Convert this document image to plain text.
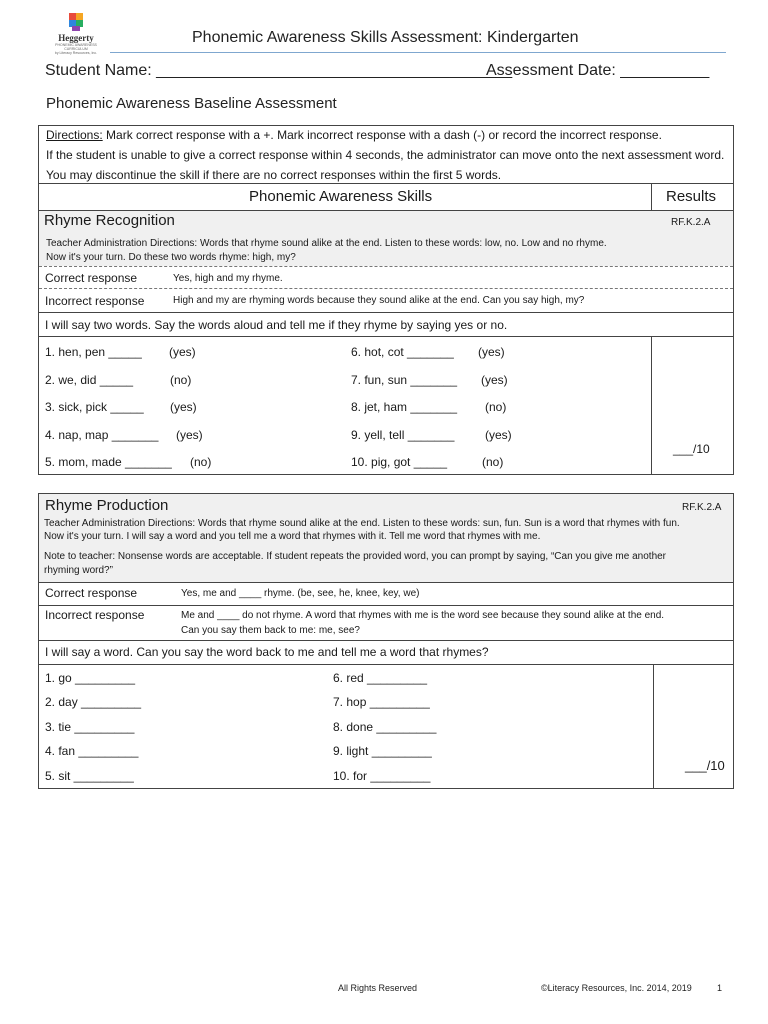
Heggerty
PHONEMIC AWARENESS CURRICULUM
by Literacy Resources, Inc.
Phonemic Awareness Skills Assessment: Kindergarten
Student Name: ________________________________________
Assessment Date: __________
Phonemic Awareness Baseline Assessment
Directions: Mark correct response with a +. Mark incorrect response with a dash (-) or record the incorrect response.
If the student is unable to give a correct response within 4 seconds, the administrator can move onto the next assessment word.
You may discontinue the skill if there are no correct responses within the first 5 words.
Phonemic Awareness Skills	Results
Rhyme Recognition	RF.K.2.A
Teacher Administration Directions: Words that rhyme sound alike at the end. Listen to these words: low, no. Low and no rhyme.
Now it's your turn. Do these two words rhyme: high, my?
Correct response	Yes, high and my rhyme.
Incorrect response	High and my are rhyming words because they sound alike at the end. Can you say high, my?
I will say two words. Say the words aloud and tell me if they rhyme by saying yes or no.
1. hen, pen _____ (yes)
2. we, did _____	(no)
3. sick, pick _____ (yes)
4. nap, map _______ (yes)
5. mom, made _______ (no)
6. hot, cot _______ (yes)
7. fun, sun _______ (yes)
8. jet, ham _______ (no)
9. yell, tell _______	(yes)
10. pig, got _____	(no)
___/10
Rhyme Production	RF.K.2.A
Teacher Administration Directions: Words that rhyme sound alike at the end. Listen to these words: sun, fun. Sun is a word that rhymes with fun.
Now it's your turn. I will say a word and you tell me a word that rhymes with it. Tell me word that rhymes with me.
Note to teacher: Nonsense words are acceptable. If student repeats the provided word, you can prompt by saying, “Can you give me another
rhyming word?”
Correct response	Yes, me and ____ rhyme. (be, see, he, knee, key, we)
Incorrect response	Me and ____ do not rhyme. A word that rhymes with me is the word see because they sound alike at the end.
Can you say them back to me: me, see?
I will say a word. Can you say the word back to me and tell me a word that rhymes?
1. go _________
2. day _________
3. tie _________
4. fan _________
5. sit _________
6. red _________
7. hop _________
8. done _________
9. light _________
10. for _________
___/10
All Rights Reserved	©Literacy Resources, Inc. 2014, 2019	1
